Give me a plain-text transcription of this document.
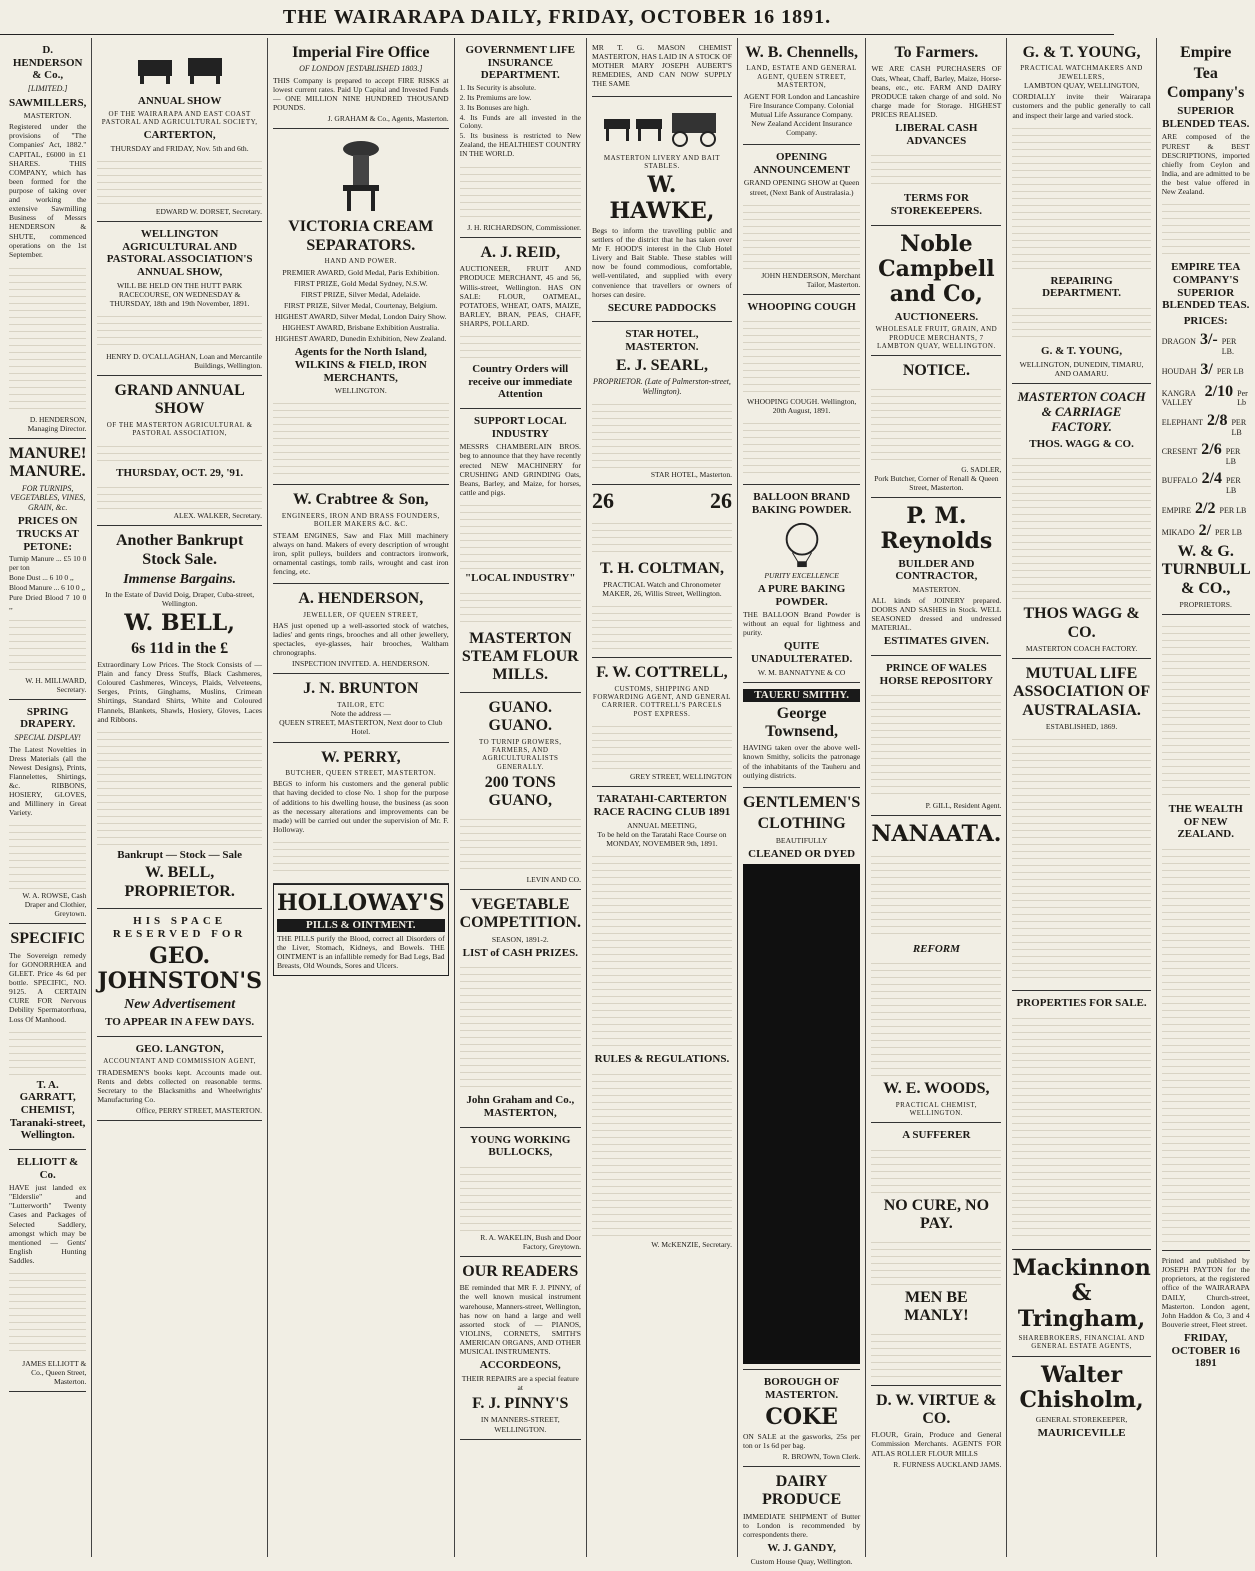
THE WAIRARAPA DAILY, FRIDAY, OCTOBER 16 1891.
D. HENDERSON & Co.,
[LIMITED.]
SAWMILLERS,
MASTERTON.

Registered under the provisions of "The Companies' Act, 1882." CAPITAL, £6000 in £1 SHARES. THIS COMPANY, which has been formed for the purpose of taking over and working the extensive Sawmilling Business of Messrs HENDERSON & SHUTE, commenced operations on the 1st September.

D. HENDERSON, Managing Director.
MANURE! MANURE.
FOR TURNIPS, VEGETABLES, VINES, GRAIN, &c.
PRICES ON TRUCKS AT PETONE:
Turnip Manure ... £5 10 0 per ton
Bone Dust ... 6 10 0 ,,
Blood Manure ... 6 10 0 ,,
Pure Dried Blood 7 10 0 ,,

W. H. MILLWARD, Secretary.
SPRING DRAPERY.
SPECIAL DISPLAY!

The Latest Novelties in Dress Materials (all the Newest Designs), Prints, Flannelettes, Shirtings, &c. RIBBONS, HOSIERY, GLOVES, and Millinery in Great Variety.

W. A. ROWSE, Cash Draper and Clothier, Greytown.
SPECIFIC

The Sovereign remedy for GONORRHŒA and GLEET. Price 4s 6d per bottle. SPECIFIC, NO. 9125. A CERTAIN CURE FOR Nervous Debility Spermatorrhœa, Loss Of Manhood.

T. A. GARRATT, CHEMIST, Taranaki-street, Wellington.
ELLIOTT & Co.

HAVE just landed ex "Elderslie" and "Lutterworth" Twenty Cases and Packages of Selected Saddlery, amongst which may be mentioned — Gents' English Hunting Saddles.

JAMES ELLIOTT & Co., Queen Street, Masterton.
ANNUAL SHOW
OF THE WAIRARAPA AND EAST COAST PASTORAL AND AGRICULTURAL SOCIETY,
CARTERTON,
THURSDAY and FRIDAY, Nov. 5th and 6th.

EDWARD W. DORSET, Secretary.
WELLINGTON AGRICULTURAL AND PASTORAL ASSOCIATION'S ANNUAL SHOW,

WILL BE HELD ON THE HUTT PARK RACECOURSE, ON WEDNESDAY & THURSDAY, 18th and 19th November, 1891.

HENRY D. O'CALLAGHAN, Loan and Mercantile Buildings, Wellington.
GRAND ANNUAL SHOW
OF THE MASTERTON AGRICULTURAL & PASTORAL ASSOCIATION,

THURSDAY, OCT. 29, '91.

ALEX. WALKER, Secretary.
Another Bankrupt Stock Sale.
Immense Bargains.
In the Estate of David Doig, Draper, Cuba-street, Wellington.
W. BELL,
6s 11d in the £

Extraordinary Low Prices. The Stock Consists of — Plain and fancy Dress Stuffs, Black Cashmeres, Coloured Cashmeres, Winceys, Plaids, Velveteens, Serges, Prints, Ginghams, Muslins, Crimean Shirtings, Standard Shirts, White and Coloured Flannels, Blankets, Shawls, Hosiery, Gloves, Laces and Ribbons.

Bankrupt — Stock — Sale
W. BELL, PROPRIETOR.
HIS SPACE RESERVED FOR
GEO. JOHNSTON'S
New Advertisement
TO APPEAR IN A FEW DAYS.
GEO. LANGTON,
ACCOUNTANT AND COMMISSION AGENT,

TRADESMEN'S books kept. Accounts made out. Rents and debts collected on reasonable terms. Secretary to the Blacksmiths and Wheelwrights' Manufacturing Co.

Office, PERRY STREET, MASTERTON.
Imperial Fire Office
OF LONDON [ESTABLISHED 1803.]

THIS Company is prepared to accept FIRE RISKS at lowest current rates. Paid Up Capital and Invested Funds — ONE MILLION NINE HUNDRED THOUSAND POUNDS.

J. GRAHAM & Co., Agents, Masterton.
VICTORIA CREAM SEPARATORS.
HAND AND POWER.

PREMIER AWARD, Gold Medal, Paris Exhibition.

FIRST PRIZE, Gold Medal Sydney, N.S.W.

FIRST PRIZE, Silver Medal, Adelaide.

FIRST PRIZE, Silver Medal, Courtenay, Belgium.

HIGHEST AWARD, Silver Medal, London Dairy Show.

HIGHEST AWARD, Brisbane Exhibition Australia.

HIGHEST AWARD, Dunedin Exhibition, New Zealand.

Agents for the North Island, WILKINS & FIELD, IRON MERCHANTS,
WELLINGTON.

W. Crabtree & Son,
ENGINEERS, IRON AND BRASS FOUNDERS, BOILER MAKERS &C. &C.

STEAM ENGINES, Saw and Flax Mill machinery always on hand. Makers of every description of wrought iron, split pulleys, builders and contractors ironwork, ornamental castings, tomb rails, wrought and cast iron fencing, etc.

A. HENDERSON,
JEWELLER, OF QUEEN STREET,

HAS just opened up a well-assorted stock of watches, ladies' and gents rings, brooches and all other jewellery, spectacles, eye-glasses, hair brooches, Waltham chronographs.

INSPECTION INVITED. A. HENDERSON.
J. N. BRUNTON
TAILOR, ETC
Note the address —
QUEEN STREET, MASTERTON, Next door to Club Hotel.
W. PERRY,
BUTCHER, QUEEN STREET, MASTERTON.

BEGS to inform his customers and the general public that having decided to close No. 1 shop for the purpose of additions to his dwelling house, the business (as soon as the necessary alterations and improvements can be made) will be carried out under the supervision of Mr. F. Holloway.

HOLLOWAY'S
PILLS & OINTMENT.

THE PILLS purify the Blood, correct all Disorders of the Liver, Stomach, Kidneys, and Bowels. THE OINTMENT is an infallible remedy for Bad Legs, Bad Breasts, Old Wounds, Sores and Ulcers.

GOVERNMENT LIFE INSURANCE DEPARTMENT.
1. Its Security is absolute.
2. Its Premiums are low.
3. Its Bonuses are high.
4. Its Funds are all invested in the Colony.
5. Its business is restricted to New Zealand, the HEALTHIEST COUNTRY IN THE WORLD.

J. H. RICHARDSON, Commissioner.
A. J. REID,

AUCTIONEER, FRUIT AND PRODUCE MERCHANT, 45 and 56, Willis-street, Wellington. HAS ON SALE: FLOUR, OATMEAL, POTATOES, WHEAT, OATS, MAIZE, BARLEY, BRAN, PEAS, CHAFF, SHARPS, POLLARD.

Country Orders will receive our immediate Attention
SUPPORT LOCAL INDUSTRY

MESSRS CHAMBERLAIN BROS. beg to announce that they have recently erected NEW MACHINERY for CRUSHING AND GRINDING Oats, Beans, Barley, and Maize, for horses, cattle and pigs.

"LOCAL INDUSTRY"

MASTERTON STEAM FLOUR MILLS.
GUANO. GUANO.
TO TURNIP GROWERS, FARMERS, AND AGRICULTURALISTS GENERALLY.
200 TONS GUANO,

LEVIN AND CO.
VEGETABLE COMPETITION.
SEASON, 1891-2.
LIST of CASH PRIZES.

John Graham and Co., MASTERTON,
YOUNG WORKING BULLOCKS,

R. A. WAKELIN, Bush and Door Factory, Greytown.
OUR READERS

BE reminded that MR F. J. PINNY, of the well known musical instrument warehouse, Manners-street, Wellington, has now on hand a large and well assorted stock of — PIANOS, VIOLINS, CORNETS, SMITH'S AMERICAN ORGANS, AND OTHER MUSICAL INSTRUMENTS.

ACCORDEONS,
THEIR REPAIRS are a special feature at
F. J. PINNY'S
IN MANNERS-STREET, WELLINGTON.

MR T. G. MASON CHEMIST MASTERTON, HAS LAID IN A STOCK OF MOTHER MARY JOSEPH AUBERT'S REMEDIES, AND CAN NOW SUPPLY THE SAME

MASTERTON LIVERY AND BAIT STABLES.
W. HAWKE,

Begs to inform the travelling public and settlers of the district that he has taken over Mr F. HOOD'S interest in the Club Hotel Livery and Bait Stable. These stables will now be found commodious, comfortable, well-ventilated, and supplied with every convenience that travellers or owners of horses can desire.

SECURE PADDOCKS
STAR HOTEL, MASTERTON.
E. J. SEARL,
PROPRIETOR. (Late of Palmerston-street, Wellington).

STAR HOTEL, Masterton.
26	26

T. H. COLTMAN,
PRACTICAL Watch and Chronometer MAKER, 26, Willis Street, Wellington.

F. W. COTTRELL,
CUSTOMS, SHIPPING AND FORWARDING AGENT, AND GENERAL CARRIER. COTTRELL'S PARCELS POST EXPRESS.

GREY STREET, WELLINGTON
TARATAHI-CARTERTON RACE RACING CLUB 1891
ANNUAL MEETING,
To be held on the Taratahi Race Course on MONDAY, NOVEMBER 9th, 1891.

RULES & REGULATIONS.

W. McKENZIE, Secretary.
W. B. Chennells,
LAND, ESTATE AND GENERAL AGENT, QUEEN STREET, MASTERTON,

AGENT FOR London and Lancashire Fire Insurance Company. Colonial Mutual Life Assurance Company. New Zealand Accident Insurance Company.

OPENING ANNOUNCEMENT
GRAND OPENING SHOW at Queen street, (Next Bank of Australasia.)

JOHN HENDERSON, Merchant Tailor, Masterton.
WHOOPING COUGH

WHOOPING COUGH. Wellington, 20th August, 1891.

BALLOON BRAND BAKING POWDER.
PURITY EXCELLENCE
A PURE BAKING POWDER.

THE BALLOON Brand Powder is without an equal for lightness and purity.

QUITE UNADULTERATED.
W. M. BANNATYNE & CO
TAUERU SMITHY.
George Townsend,

HAVING taken over the above well-known Smithy, solicits the patronage of the inhabitants of the Tauheru and outlying districts.

GENTLEMEN'S
CLOTHING
BEAUTIFULLY
CLEANED OR DYED
BOROUGH OF MASTERTON.
COKE

ON SALE at the gasworks, 25s per ton or 1s 6d per bag.

R. BROWN, Town Clerk.
DAIRY PRODUCE

IMMEDIATE SHIPMENT of Butter to London is recommended by correspondents there.

W. J. GANDY,
Custom House Quay, Wellington.
To Farmers.

WE ARE CASH PURCHASERS OF Oats, Wheat, Chaff, Barley, Maize, Horse-beans, etc., etc. FARM AND DAIRY PRODUCE taken charge of and sold. No charge made for Storage. HIGHEST PRICES REALISED.

LIBERAL CASH ADVANCES

TERMS FOR STOREKEEPERS.
Noble Campbell and Co,
AUCTIONEERS.
WHOLESALE FRUIT, GRAIN, AND PRODUCE MERCHANTS, 7 LAMBTON QUAY, WELLINGTON.
NOTICE.

G. SADLER,
Pork Butcher, Corner of Renall & Queen Street, Masterton.
P. M. Reynolds
BUILDER AND CONTRACTOR,
MASTERTON.

ALL kinds of JOINERY prepared. DOORS AND SASHES in Stock. WELL SEASONED dressed and undressed MATERIAL.

ESTIMATES GIVEN.
PRINCE OF WALES HORSE REPOSITORY

P. GILL, Resident Agent.
NANAATA.

REFORM

W. E. WOODS,
PRACTICAL CHEMIST, WELLINGTON.
A SUFFERER

NO CURE, NO PAY.

MEN BE MANLY!

D. W. VIRTUE & CO.

FLOUR, Grain, Produce and General Commission Merchants. AGENTS FOR ATLAS ROLLER FLOUR MILLS

R. FURNESS AUCKLAND JAMS.
G. & T. YOUNG,
PRACTICAL WATCHMAKERS AND JEWELLERS,
LAMBTON QUAY, WELLINGTON,

CORDIALLY invite their Wairarapa customers and the public generally to call and inspect their large and varied stock.

REPAIRING DEPARTMENT.

G. & T. YOUNG,
WELLINGTON, DUNEDIN, TIMARU, AND OAMARU.
MASTERTON COACH & CARRIAGE FACTORY.
THOS. WAGG & CO.

THOS WAGG & CO.
MASTERTON COACH FACTORY.
MUTUAL LIFE ASSOCIATION OF AUSTRALASIA.
ESTABLISHED, 1869.

PROPERTIES FOR SALE.

Mackinnon & Tringham,
SHAREBROKERS, FINANCIAL AND GENERAL ESTATE AGENTS,
Walter Chisholm,
GENERAL STOREKEEPER,
MAURICEVILLE
Empire
Tea Company's
SUPERIOR BLENDED TEAS.

ARE composed of the PUREST & BEST DESCRIPTIONS, imported chiefly from Ceylon and India, and are admitted to be the best value offered in New Zealand.

EMPIRE TEA COMPANY'S SUPERIOR BLENDED TEAS.
PRICES:
DRAGON 3/- PER LB.
HOUDAH 3/ PER LB
KANGRA VALLEY
2/10 Per Lb
ELEPHANT 2/8 PER LB
CRESENT 2/6 PER LB
BUFFALO 2/4 PER LB
EMPIRE 2/2 PER LB
MIKADO 2/ PER LB
W. & G. TURNBULL & CO.,
PROPRIETORS.

THE WEALTH OF NEW ZEALAND.

Printed and published by JOSEPH PAYTON for the proprietors, at the registered office of the WAIRARAPA DAILY, Church-street, Masterton. London agent, John Haddon & Co, 3 and 4 Bouverie street, Fleet street.

FRIDAY, OCTOBER 16 1891
